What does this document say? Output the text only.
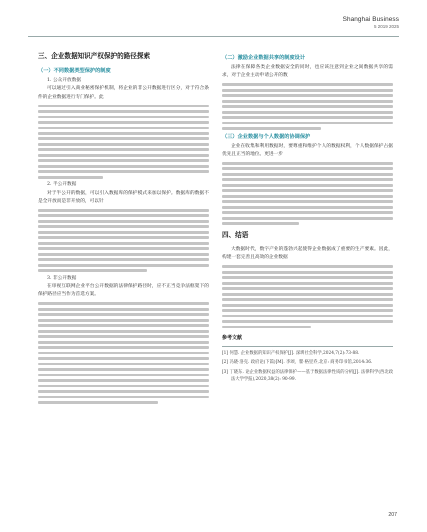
Shanghai Business
5 2019 2025
三、企业数据知识产权保护的路径探索
（一）不同数据类型保护的制度
1. 公众开放数据

可以通过引入商业秘密保护机制，将企业的非公开数据进行区分，对于符合条件的企业数据进行专门保护。此

2. 半公开数据

对于半公开的数据，可以引入数据库的保护模式来加以保护。数据库的数据不是全开放而是非开放的，可以针

3. 非公开数据

在审视互联网企业平台公开数据的法律保护路径时，应不正当竞争法框架下的保护路径应当作为首选方案。

（二）激励企业数据共享的制度设计

法律在保障各类企业数据安全的同时，也应该注意到企业之间数据共享的需求，对于企业主动申请公开的数

（三）企业数据与个人数据的协调保护

企业在收集和利用数据时，要尊重和维护个人的数据权利，个人数据保护占据优先且正当的地位。更进一步

四、结语

大数据时代，数字产业的蓬勃兴起使得企业数据成了重要的生产要素。因此，构建一套完善且高效的企业数据

参考文献

[1] 何慧. 企业数据的知识产权保护[J]. 深圳社会科学,2024,7(2):73-88.

[2] 冯晓·洛克. 政府论(下篇)[M]. 李颂、瞿·格里乔,北京: 商务印书馆,2014:36.

[3] 丁晓东. 论企业数据权益的法律保护——基于数据法律性质的分析[J]. 法律科学(西北政法大学学报),2020,38(2): 90-99.

207
